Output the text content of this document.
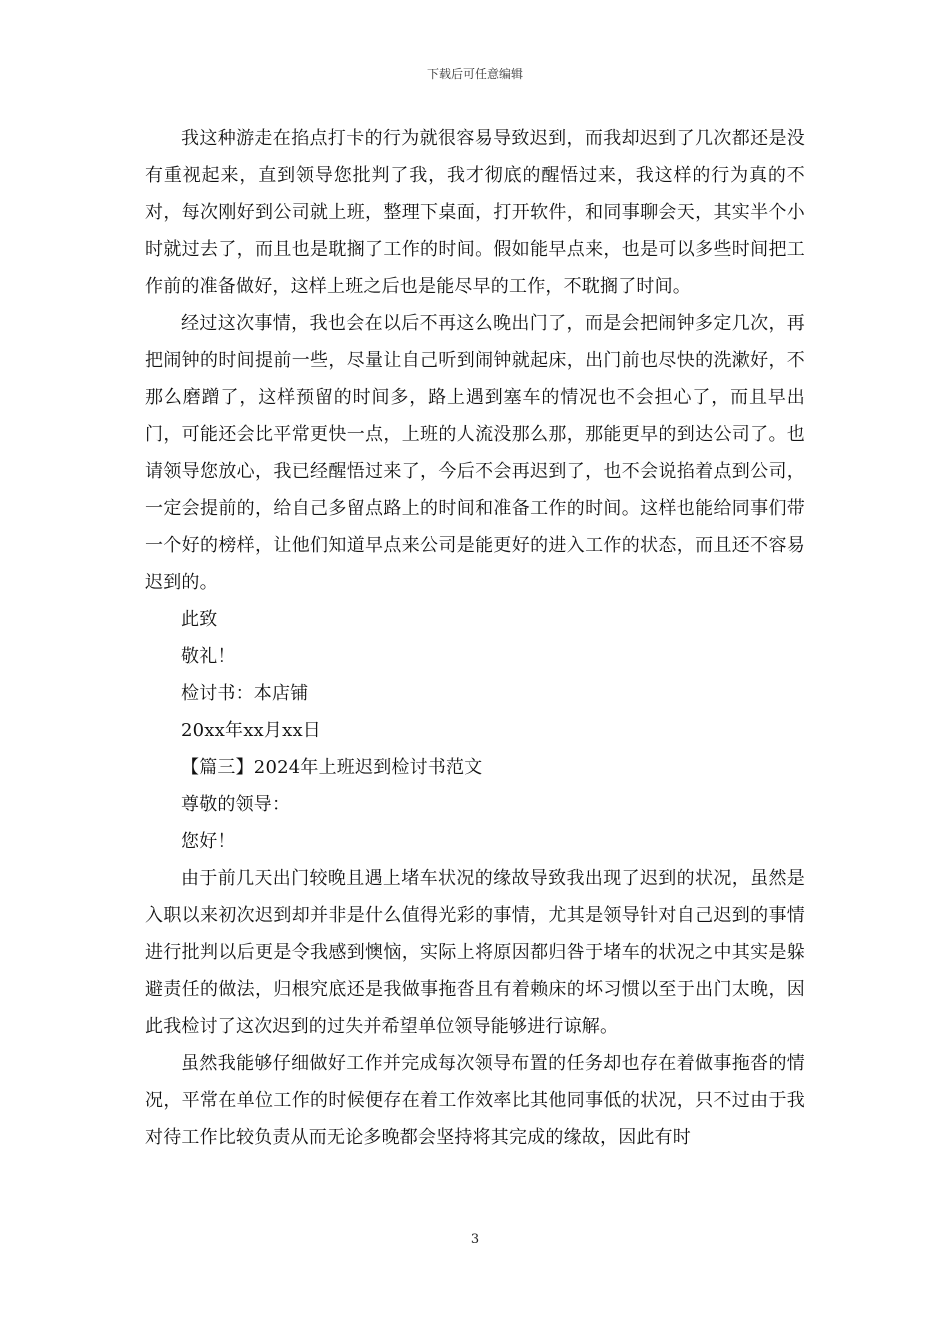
下载后可任意编辑

我这种游走在掐点打卡的行为就很容易导致迟到，而我却迟到了几次都还是没有重视起来，直到领导您批判了我，我才彻底的醒悟过来，我这样的行为真的不对，每次刚好到公司就上班，整理下桌面，打开软件，和同事聊会天，其实半个小时就过去了，而且也是耽搁了工作的时间。假如能早点来，也是可以多些时间把工作前的准备做好，这样上班之后也是能尽早的工作，不耽搁了时间。

经过这次事情，我也会在以后不再这么晚出门了，而是会把闹钟多定几次，再把闹钟的时间提前一些，尽量让自己听到闹钟就起床，出门前也尽快的洗漱好，不那么磨蹭了，这样预留的时间多，路上遇到塞车的情况也不会担心了，而且早出门，可能还会比平常更快一点，上班的人流没那么那，那能更早的到达公司了。也请领导您放心，我已经醒悟过来了，今后不会再迟到了，也不会说掐着点到公司，一定会提前的，给自己多留点路上的时间和准备工作的时间。这样也能给同事们带一个好的榜样，让他们知道早点来公司是能更好的进入工作的状态，而且还不容易迟到的。

此致

敬礼！

检讨书：本店铺

20xx年xx月xx日

【篇三】2024年上班迟到检讨书范文

尊敬的领导：

您好！

由于前几天出门较晚且遇上堵车状况的缘故导致我出现了迟到的状况，虽然是入职以来初次迟到却并非是什么值得光彩的事情，尤其是领导针对自己迟到的事情进行批判以后更是令我感到懊恼，实际上将原因都归咎于堵车的状况之中其实是躲避责任的做法，归根究底还是我做事拖沓且有着赖床的坏习惯以至于出门太晚，因此我检讨了这次迟到的过失并希望单位领导能够进行谅解。

虽然我能够仔细做好工作并完成每次领导布置的任务却也存在着做事拖沓的情况，平常在单位工作的时候便存在着工作效率比其他同事低的状况，只不过由于我对待工作比较负责从而无论多晚都会坚持将其完成的缘故，因此有时

3
